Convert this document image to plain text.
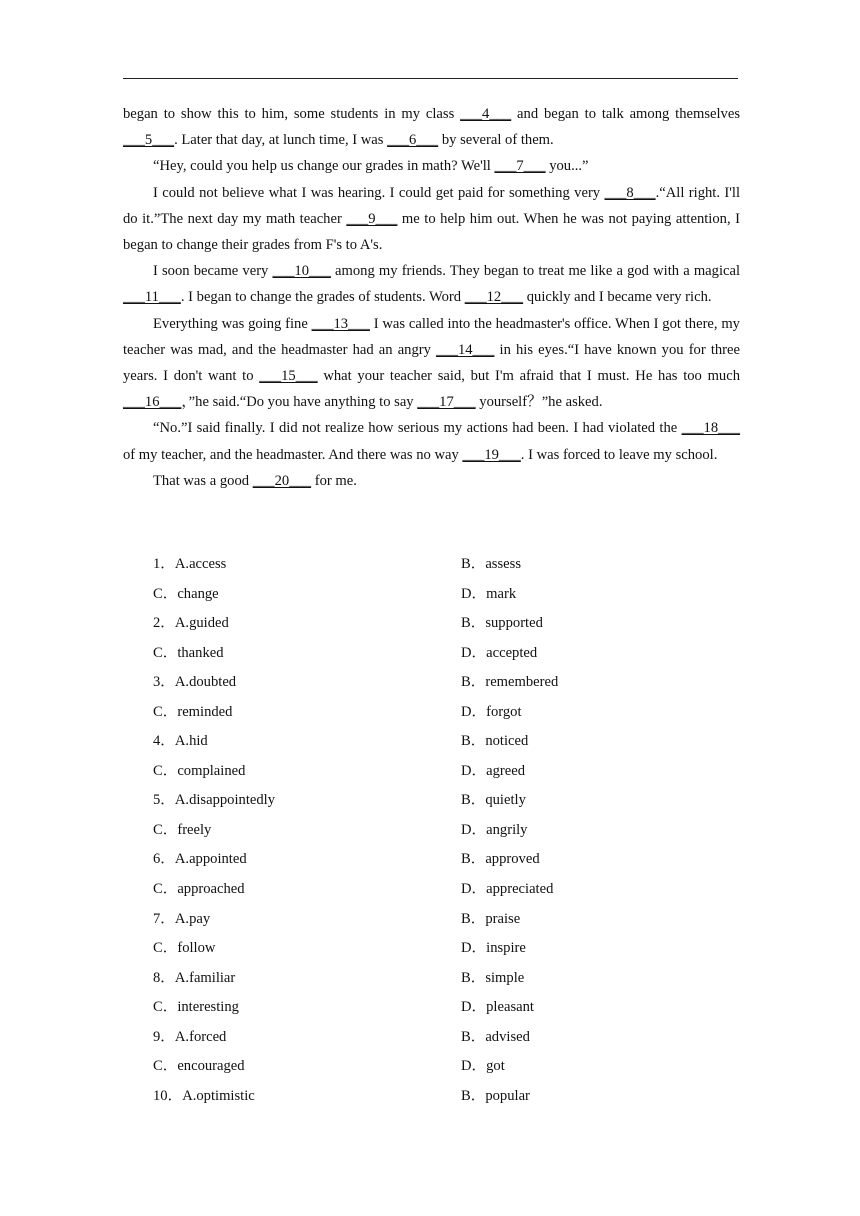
began to show this to him, some students in my class ___4___ and began to talk among themselves ___5___. Later that day, at lunch time, I was ___6___ by several of them.

“Hey, could you help us change our grades in math? We'll ___7___ you...”

I could not believe what I was hearing. I could get paid for something very ___8___.“All right. I'll do it.”The next day my math teacher ___9___ me to help him out. When he was not paying attention, I began to change their grades from F's to A's.

I soon became very ___10___ among my friends. They began to treat me like a god with a magical ___11___. I began to change the grades of students. Word ___12___ quickly and I became very rich.

Everything was going fine ___13___ I was called into the headmaster's office. When I got there, my teacher was mad, and the headmaster had an angry ___14___ in his eyes.“I have known you for three years. I don't want to ___15___ what your teacher said, but I'm afraid that I must. He has too much ___16___，”he said.“Do you have anything to say ___17___ yourself？”he asked.

“No.”I said finally. I did not realize how serious my actions had been. I had violated the ___18___ of my teacher, and the headmaster. And there was no way ___19___. I was forced to leave my school.

That was a good ___20___ for me.

1．A.access	B．assess
C．change	D．mark
2．A.guided	B．supported
C．thanked	D．accepted
3．A.doubted	B．remembered
C．reminded	D．forgot
4．A.hid	B．noticed
C．complained	D．agreed
5．A.disappointedly	B．quietly
C．freely	D．angrily
6．A.appointed	B．approved
C．approached	D．appreciated
7．A.pay	B．praise
C．follow	D．inspire
8．A.familiar	B．simple
C．interesting	D．pleasant
9．A.forced	B．advised
C．encouraged	D．got
10．A.optimistic	B．popular
